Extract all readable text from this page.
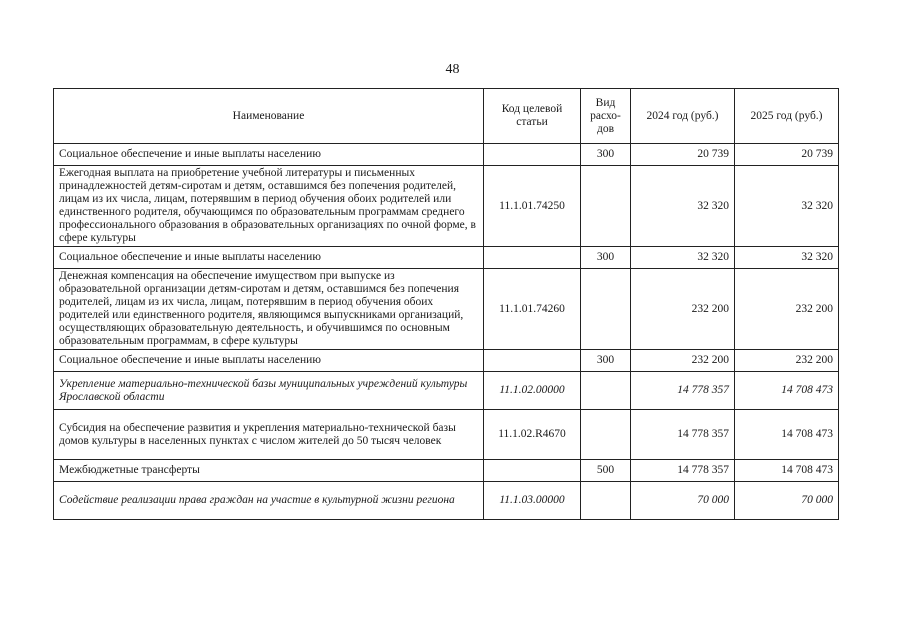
48
Наименование	Код целевой статьи	Вид расхо-дов	2024 год (руб.)	2025 год (руб.)
Социальное обеспечение и иные выплаты населению		300	20 739	20 739
Ежегодная выплата на приобретение учебной литературы и письменных принадлежностей детям-сиротам и детям, оставшимся без попечения родителей, лицам из их числа, лицам, потерявшим в период обучения обоих родителей или единственного родителя, обучающимся по образовательным программам среднего профессионального образования в образовательных организациях по очной форме, в сфере культуры	11.1.01.74250		32 320	32 320
Социальное обеспечение и иные выплаты населению		300	32 320	32 320
Денежная компенсация на обеспечение имуществом при выпуске из образовательной организации детям-сиротам и детям, оставшимся без попечения родителей, лицам из их числа, лицам, потерявшим в период обучения обоих родителей или единственного родителя, являющимся выпускниками организаций, осуществляющих образовательную деятельность, и обучившимся по основным образовательным программам, в сфере культуры	11.1.01.74260		232 200	232 200
Социальное обеспечение и иные выплаты населению		300	232 200	232 200
Укрепление материально-технической базы муниципальных учреждений культуры Ярославской области	11.1.02.00000		14 778 357	14 708 473
Субсидия на обеспечение развития и укрепления материально-технической базы домов культуры в населенных пунктах с числом жителей до 50 тысяч человек	11.1.02.R4670		14 778 357	14 708 473
Межбюджетные трансферты		500	14 778 357	14 708 473
Содействие реализации права граждан на участие в культурной жизни региона	11.1.03.00000		70 000	70 000
